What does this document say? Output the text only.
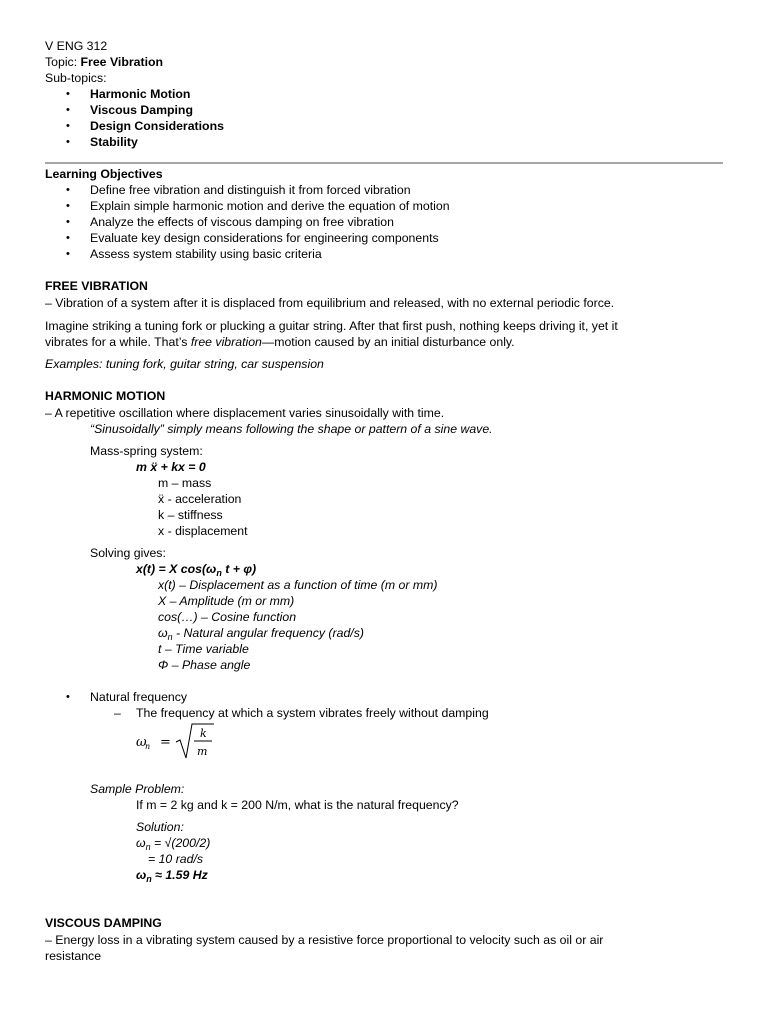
V ENG 312
Topic: Free Vibration
Sub-topics:
•	Harmonic Motion
•	Viscous Damping
•	Design Considerations
•	Stability
Learning Objectives
•	Define free vibration and distinguish it from forced vibration
•	Explain simple harmonic motion and derive the equation of motion
•	Analyze the effects of viscous damping on free vibration
•	Evaluate key design considerations for engineering components
•	Assess system stability using basic criteria
FREE VIBRATION
– Vibration of a system after it is displaced from equilibrium and released, with no external periodic force.
Imagine striking a tuning fork or plucking a guitar string. After that first push, nothing keeps driving it, yet it
vibrates for a while. That’s free vibration—motion caused by an initial disturbance only.
Examples: tuning fork, guitar string, car suspension
HARMONIC MOTION
– A repetitive oscillation where displacement varies sinusoidally with time.
“Sinusoidally” simply means following the shape or pattern of a sine wave.
Mass-spring system:
m ẍ + kx = 0
m – mass
ẍ - acceleration
k – stiffness
x - displacement
Solving gives:
x(t) = X $\cos(\omega_n$ t + φ)
x(t) – Displacement as a function of time (m or mm)
X – Amplitude (m or mm)
cos(…) – Cosine function
$\omega_n$ - Natural angular frequency (rad/s)
t – Time variable
Φ – Phase angle
•	Natural frequency
– The frequency at which a system vibrates freely without damping
ω
n =
k
m
Sample Problem:
If m = 2 kg and k = 200 N/m, what is the natural frequency?
Solution:
$\omega_n = √(200/2)$
= 10 rad/s
$\omega_n \approx 1.59$ Hz
VISCOUS DAMPING
– Energy loss in a vibrating system caused by a resistive force proportional to velocity such as oil or air
resistance
